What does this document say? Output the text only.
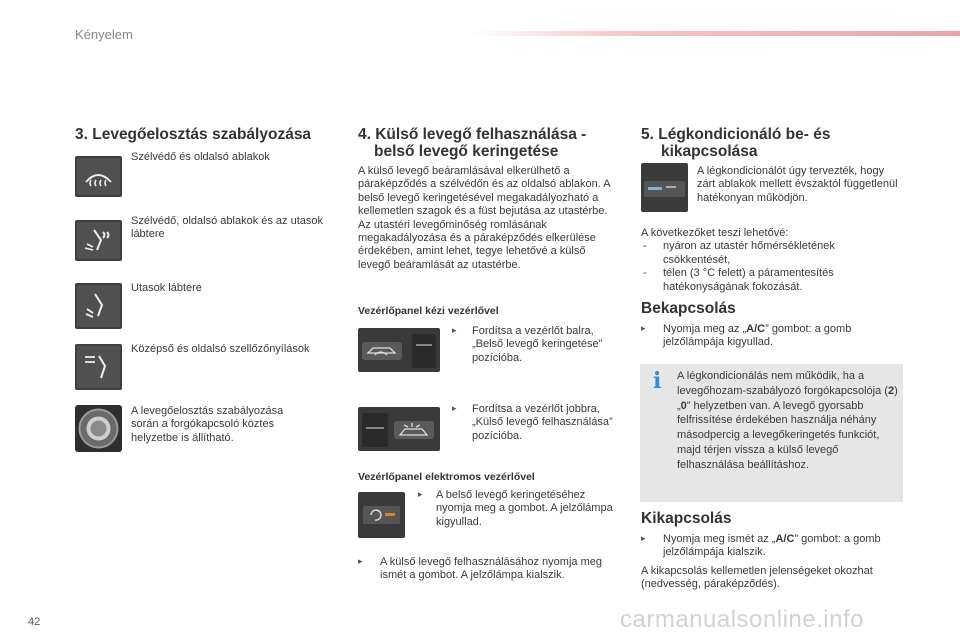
Kényelem
3. Levegőelosztás szabályozása
Szélvédő és oldalsó ablakok
Szélvédő, oldalsó ablakok és az utasok lábtere
Utasok lábtere
Középső és oldalsó szellőzőnyílások
A levegőelosztás szabályozása során a forgókapcsoló köztes helyzetbe is állítható.
4. Külső levegő felhasználása -
belső levegő keringetése
A külső levegő beáramlásával elkerülhető a páraképződés a szélvédőn és az oldalsó ablakon. A belső levegő keringetésével megakadályozható a kellemetlen szagok és a füst bejutása az utastérbe.
Az utastéri levegőminőség romlásának megakadályozása és a páraképződés elkerülése érdekében, amint lehet, tegye lehetővé a külső levegő beáramlását az utastérbe.
Vezérlőpanel kézi vezérlővel
▸ Fordítsa a vezérlőt balra, „Belső levegő keringetése” pozícióba.
▸ Fordítsa a vezérlőt jobbra, „Külső levegő felhasználása” pozícióba.
Vezérlőpanel elektromos vezérlővel
▸ A belső levegő keringetéséhez nyomja meg a gombot. A jelzőlámpa kigyullad.
▸ A külső levegő felhasználásához nyomja meg ismét a gombot. A jelzőlámpa kialszik.
5. Légkondicionáló be- és
kikapcsolása
A légkondicionálót úgy tervezték, hogy zárt ablakok mellett évszaktól függetlenül hatékonyan működjön.
A következőket teszi lehetővé:
- nyáron az utastér hőmérsékletének csökkentését,
- télen (3 °C felett) a páramentesítés hatékonyságának fokozását.
Bekapcsolás
▸ Nyomja meg az „A/C” gombot: a gomb jelzőlámpája kigyullad.
i A légkondicionálás nem működik, ha a levegőhozam-szabályozó forgókapcsolója (2) „0” helyzetben van. A levegő gyorsabb felfrissítése érdekében használja néhány másodpercig a levegőkeringetés funkciót, majd térjen vissza a külső levegő felhasználása beállításhoz.
Kikapcsolás
▸ Nyomja meg ismét az „A/C” gombot: a gomb jelzőlámpája kialszik.
A kikapcsolás kellemetlen jelenségeket okozhat (nedvesség, páraképződés).
42	carmanualsonline.info
